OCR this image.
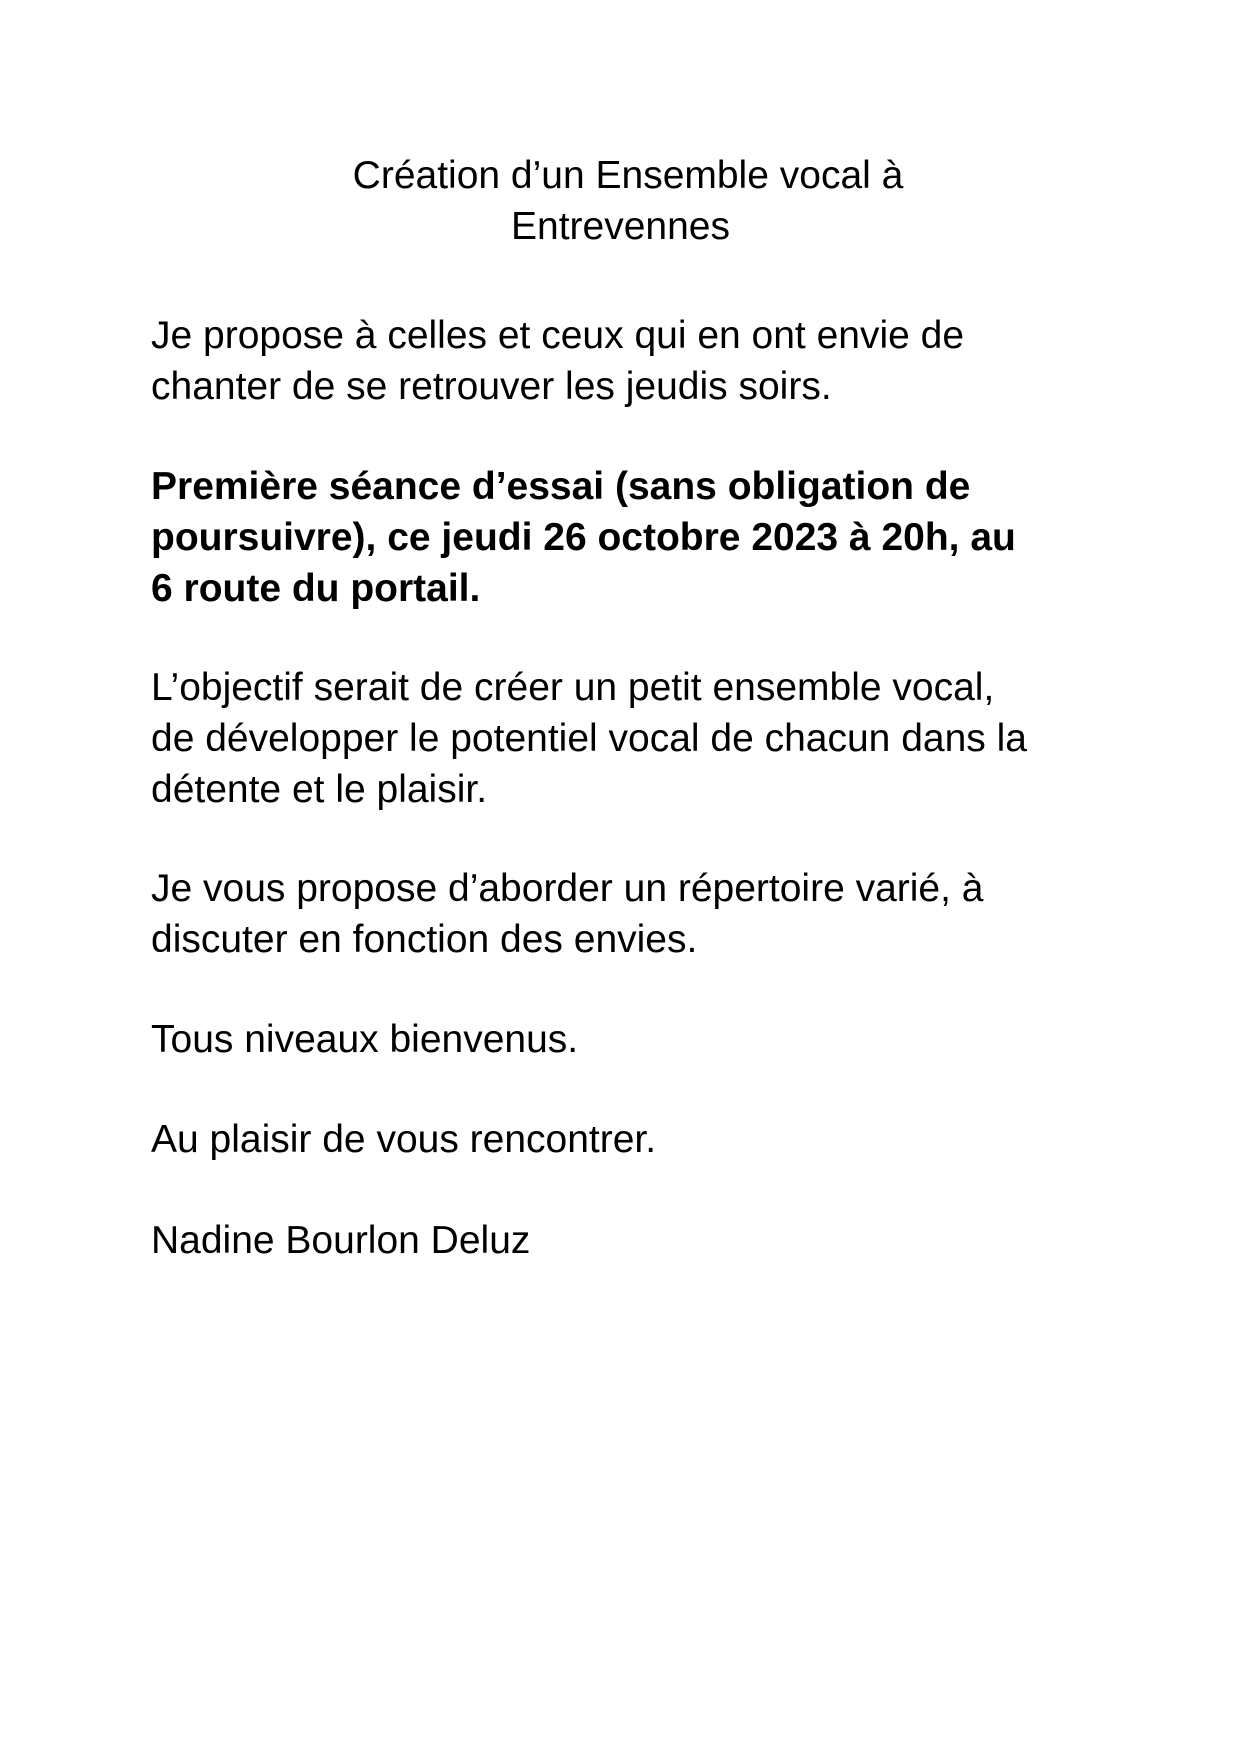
Création d’un Ensemble vocal à
Entrevennes

Je propose à celles et ceux qui en ont envie de
chanter de se retrouver les jeudis soirs.

Première séance d’essai (sans obligation de
poursuivre), ce jeudi 26 octobre 2023 à 20h, au
6 route du portail.

L’objectif serait de créer un petit ensemble vocal,
de développer le potentiel vocal de chacun dans la
détente et le plaisir.

Je vous propose d’aborder un répertoire varié, à
discuter en fonction des envies.

Tous niveaux bienvenus.

Au plaisir de vous rencontrer.

Nadine Bourlon Deluz
